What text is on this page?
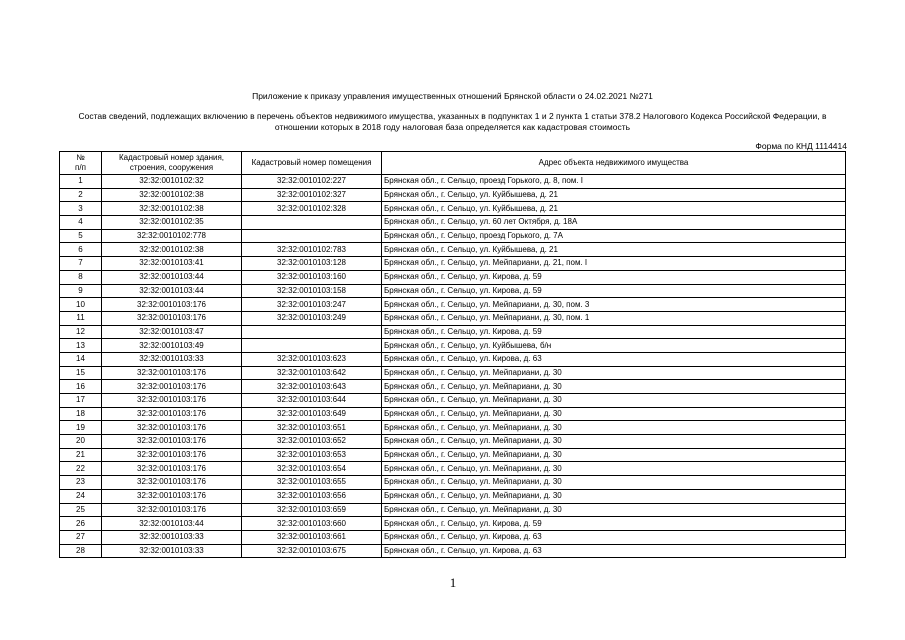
Приложение к приказу управления имущественных отношений Брянской области о 24.02.2021 №271
Состав сведений, подлежащих включению в перечень объектов недвижимого имущества, указанных в подпунктах 1 и 2 пункта 1 статьи 378.2 Налогового Кодекса Российской Федерации, в
отношении которых в 2018 году налоговая база определяется как кадастровая стоимость
Форма по КНД 1114414
№
п/п	Кадастровый номер здания, строения, сооружения	Кадастровый номер помещения	Адрес объекта недвижимого имущества
1	32:32:0010102:32	32:32:0010102:227	Брянская обл., г. Сельцо, проезд Горького, д. 8, пом. I
2	32:32:0010102:38	32:32:0010102:327	Брянская обл., г. Сельцо, ул. Куйбышева, д. 21
3	32:32:0010102:38	32:32:0010102:328	Брянская обл., г. Сельцо, ул. Куйбышева, д. 21
4	32:32:0010102:35		Брянская обл., г. Сельцо, ул. 60 лет Октября, д. 18А
5	32:32:0010102:778		Брянская обл., г. Сельцо, проезд Горького, д. 7А
6	32:32:0010102:38	32:32:0010102:783	Брянская обл., г. Сельцо, ул. Куйбышева, д. 21
7	32:32:0010103:41	32:32:0010103:128	Брянская обл., г. Сельцо, ул. Мейпариани, д. 21, пом. I
8	32:32:0010103:44	32:32:0010103:160	Брянская обл., г. Сельцо, ул. Кирова, д. 59
9	32:32:0010103:44	32:32:0010103:158	Брянская обл., г. Сельцо, ул. Кирова, д. 59
10	32:32:0010103:176	32:32:0010103:247	Брянская обл., г. Сельцо, ул. Мейпариани, д. 30, пом. 3
11	32:32:0010103:176	32:32:0010103:249	Брянская обл., г. Сельцо, ул. Мейпариани, д. 30, пом. 1
12	32:32:0010103:47		Брянская обл., г. Сельцо, ул. Кирова, д. 59
13	32:32:0010103:49		Брянская обл., г. Сельцо, ул. Куйбышева, б/н
14	32:32:0010103:33	32:32:0010103:623	Брянская обл., г. Сельцо, ул. Кирова, д. 63
15	32:32:0010103:176	32:32:0010103:642	Брянская обл., г. Сельцо, ул. Мейпариани, д. 30
16	32:32:0010103:176	32:32:0010103:643	Брянская обл., г. Сельцо, ул. Мейпариани, д. 30
17	32:32:0010103:176	32:32:0010103:644	Брянская обл., г. Сельцо, ул. Мейпариани, д. 30
18	32:32:0010103:176	32:32:0010103:649	Брянская обл., г. Сельцо, ул. Мейпариани, д. 30
19	32:32:0010103:176	32:32:0010103:651	Брянская обл., г. Сельцо, ул. Мейпариани, д. 30
20	32:32:0010103:176	32:32:0010103:652	Брянская обл., г. Сельцо, ул. Мейпариани, д. 30
21	32:32:0010103:176	32:32:0010103:653	Брянская обл., г. Сельцо, ул. Мейпариани, д. 30
22	32:32:0010103:176	32:32:0010103:654	Брянская обл., г. Сельцо, ул. Мейпариани, д. 30
23	32:32:0010103:176	32:32:0010103:655	Брянская обл., г. Сельцо, ул. Мейпариани, д. 30
24	32:32:0010103:176	32:32:0010103:656	Брянская обл., г. Сельцо, ул. Мейпариани, д. 30
25	32:32:0010103:176	32:32:0010103:659	Брянская обл., г. Сельцо, ул. Мейпариани, д. 30
26	32:32:0010103:44	32:32:0010103:660	Брянская обл., г. Сельцо, ул. Кирова, д. 59
27	32:32:0010103:33	32:32:0010103:661	Брянская обл., г. Сельцо, ул. Кирова, д. 63
28	32:32:0010103:33	32:32:0010103:675	Брянская обл., г. Сельцо, ул. Кирова, д. 63
1
